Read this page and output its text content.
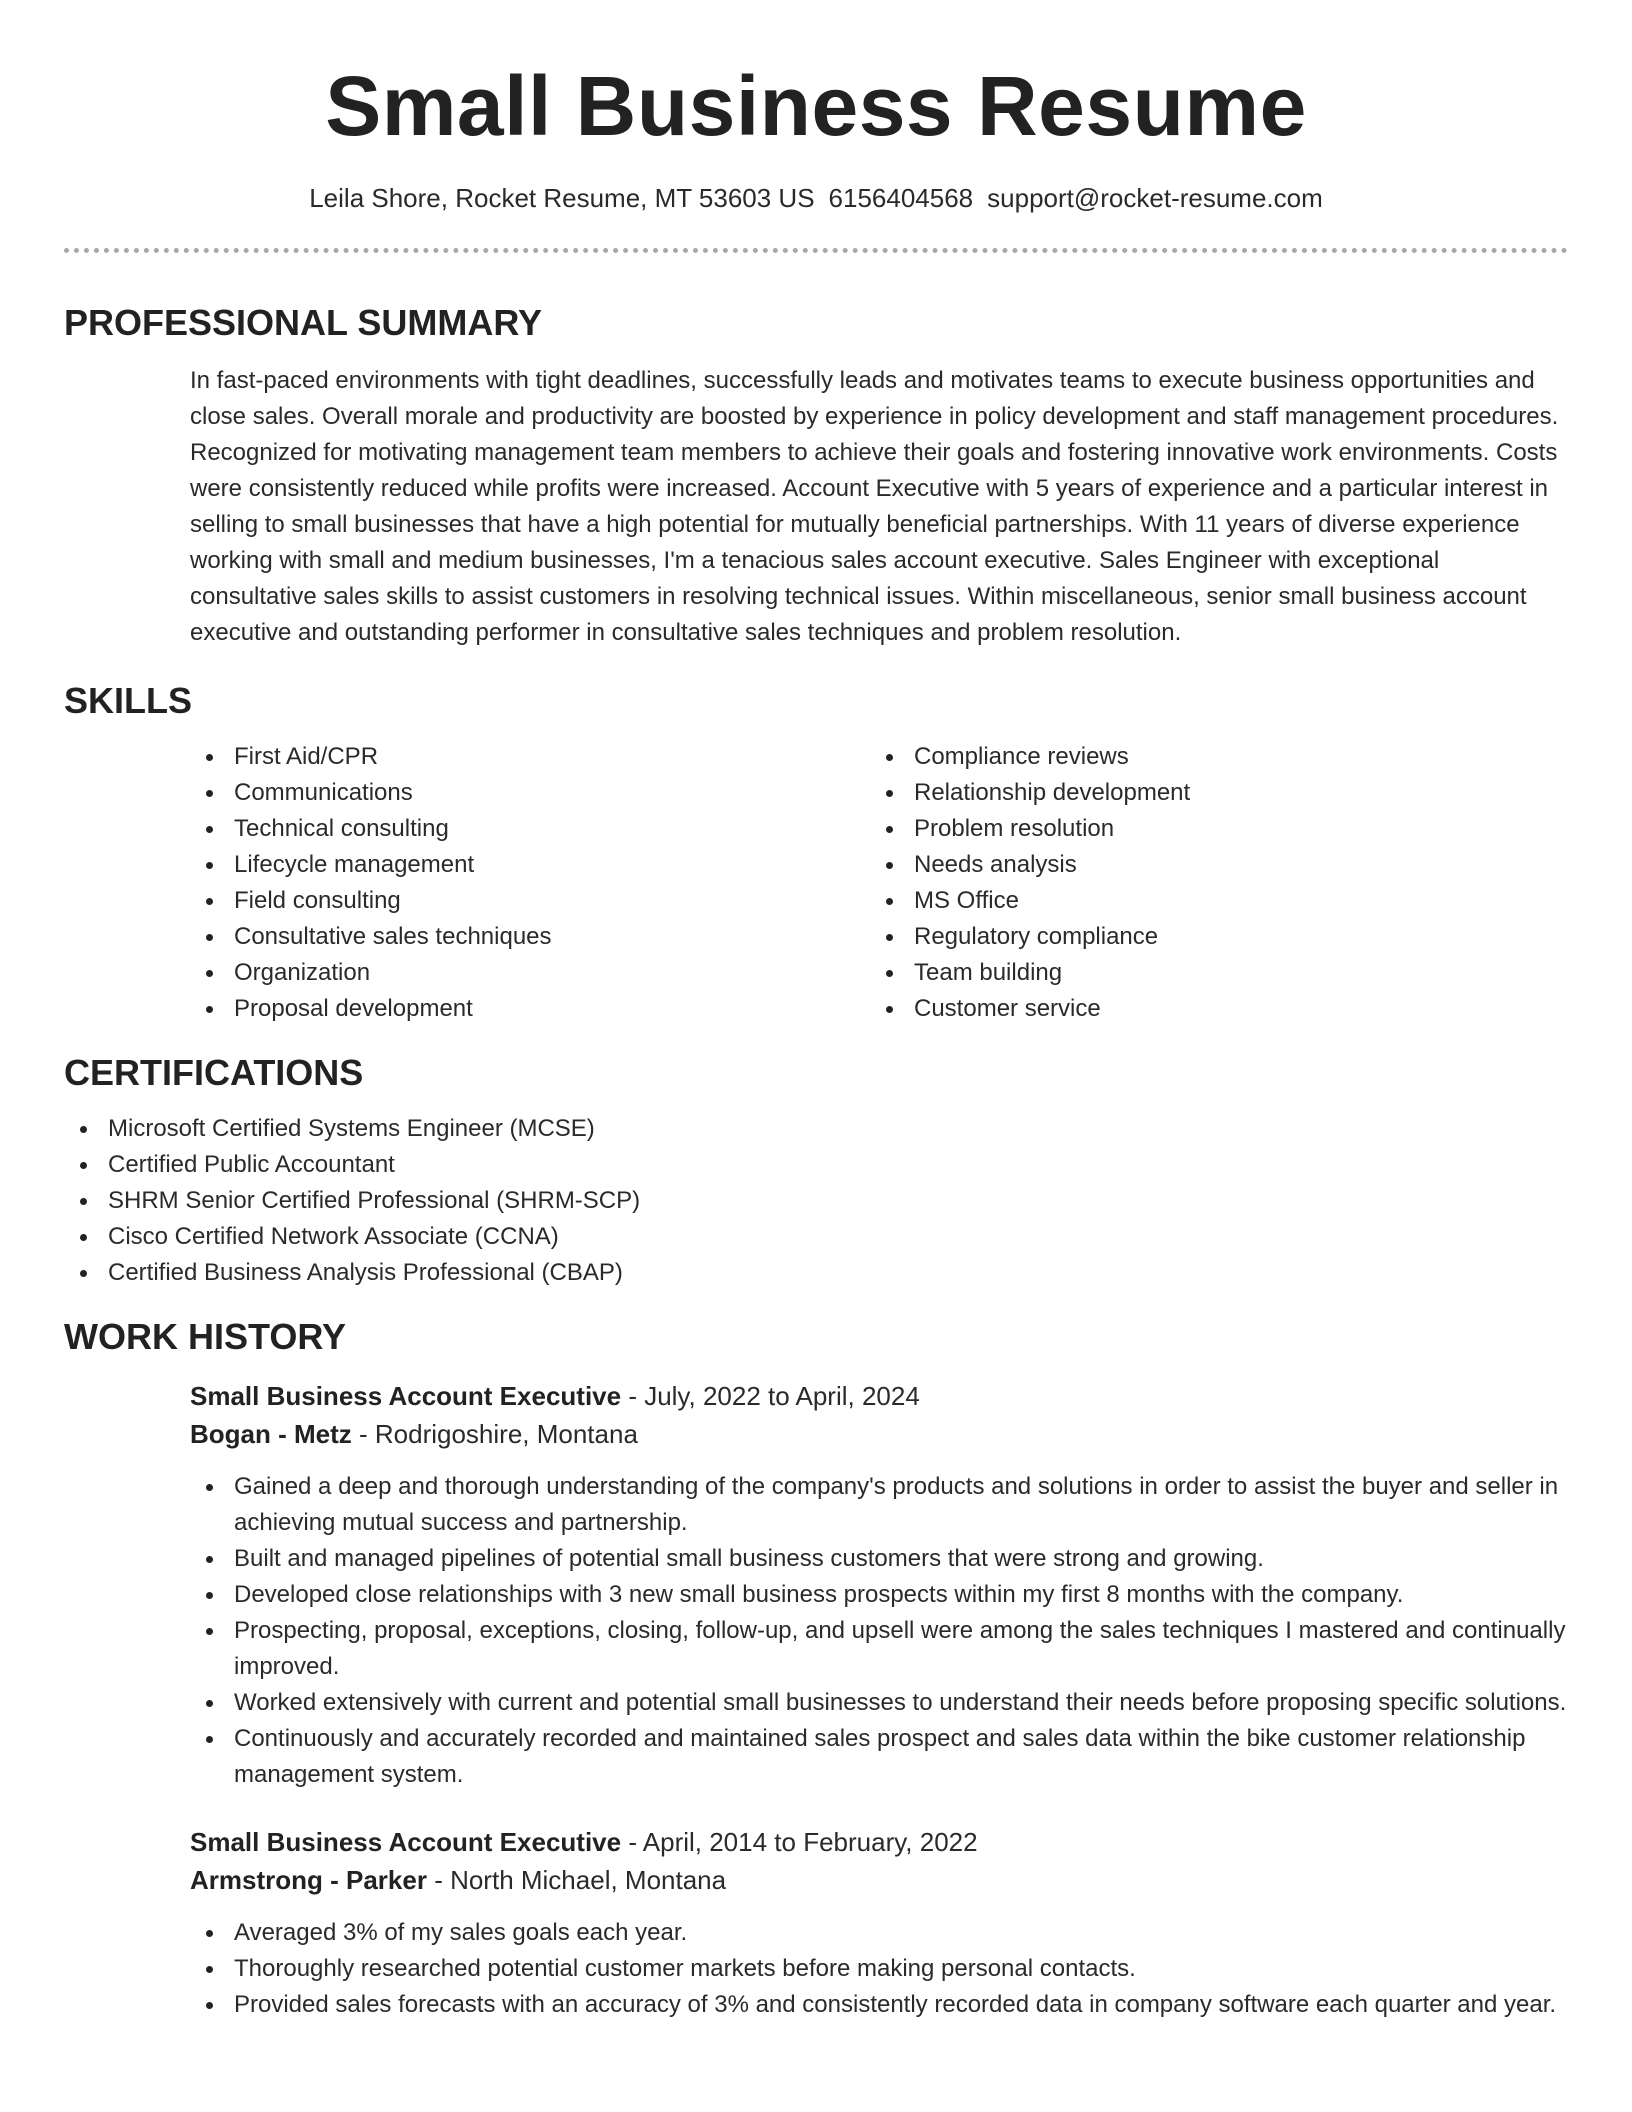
Small Business Resume
Leila Shore, Rocket Resume, MT 53603 US 6156404568 support@rocket-resume.com
PROFESSIONAL SUMMARY

In fast-paced environments with tight deadlines, successfully leads and motivates teams to execute business opportunities and close sales. Overall morale and productivity are boosted by experience in policy development and staff management procedures. Recognized for motivating management team members to achieve their goals and fostering innovative work environments. Costs were consistently reduced while profits were increased. Account Executive with 5 years of experience and a particular interest in selling to small businesses that have a high potential for mutually beneficial partnerships. With 11 years of diverse experience working with small and medium businesses, I'm a tenacious sales account executive. Sales Engineer with exceptional consultative sales skills to assist customers in resolving technical issues. Within miscellaneous, senior small business account executive and outstanding performer in consultative sales techniques and problem resolution.

SKILLS
First Aid/CPR
Communications
Technical consulting
Lifecycle management
Field consulting
Consultative sales techniques
Organization
Proposal development
Compliance reviews
Relationship development
Problem resolution
Needs analysis
MS Office
Regulatory compliance
Team building
Customer service
CERTIFICATIONS
Microsoft Certified Systems Engineer (MCSE)
Certified Public Accountant
SHRM Senior Certified Professional (SHRM-SCP)
Cisco Certified Network Associate (CCNA)
Certified Business Analysis Professional (CBAP)
WORK HISTORY
Small Business Account Executive - July, 2022 to April, 2024
Bogan - Metz - Rodrigoshire, Montana
Gained a deep and thorough understanding of the company's products and solutions in order to assist the buyer and seller in achieving mutual success and partnership.
Built and managed pipelines of potential small business customers that were strong and growing.
Developed close relationships with 3 new small business prospects within my first 8 months with the company.
Prospecting, proposal, exceptions, closing, follow-up, and upsell were among the sales techniques I mastered and continually improved.
Worked extensively with current and potential small businesses to understand their needs before proposing specific solutions.
Continuously and accurately recorded and maintained sales prospect and sales data within the bike customer relationship management system.
Small Business Account Executive - April, 2014 to February, 2022
Armstrong - Parker - North Michael, Montana
Averaged 3% of my sales goals each year.
Thoroughly researched potential customer markets before making personal contacts.
Provided sales forecasts with an accuracy of 3% and consistently recorded data in company software each quarter and year.
